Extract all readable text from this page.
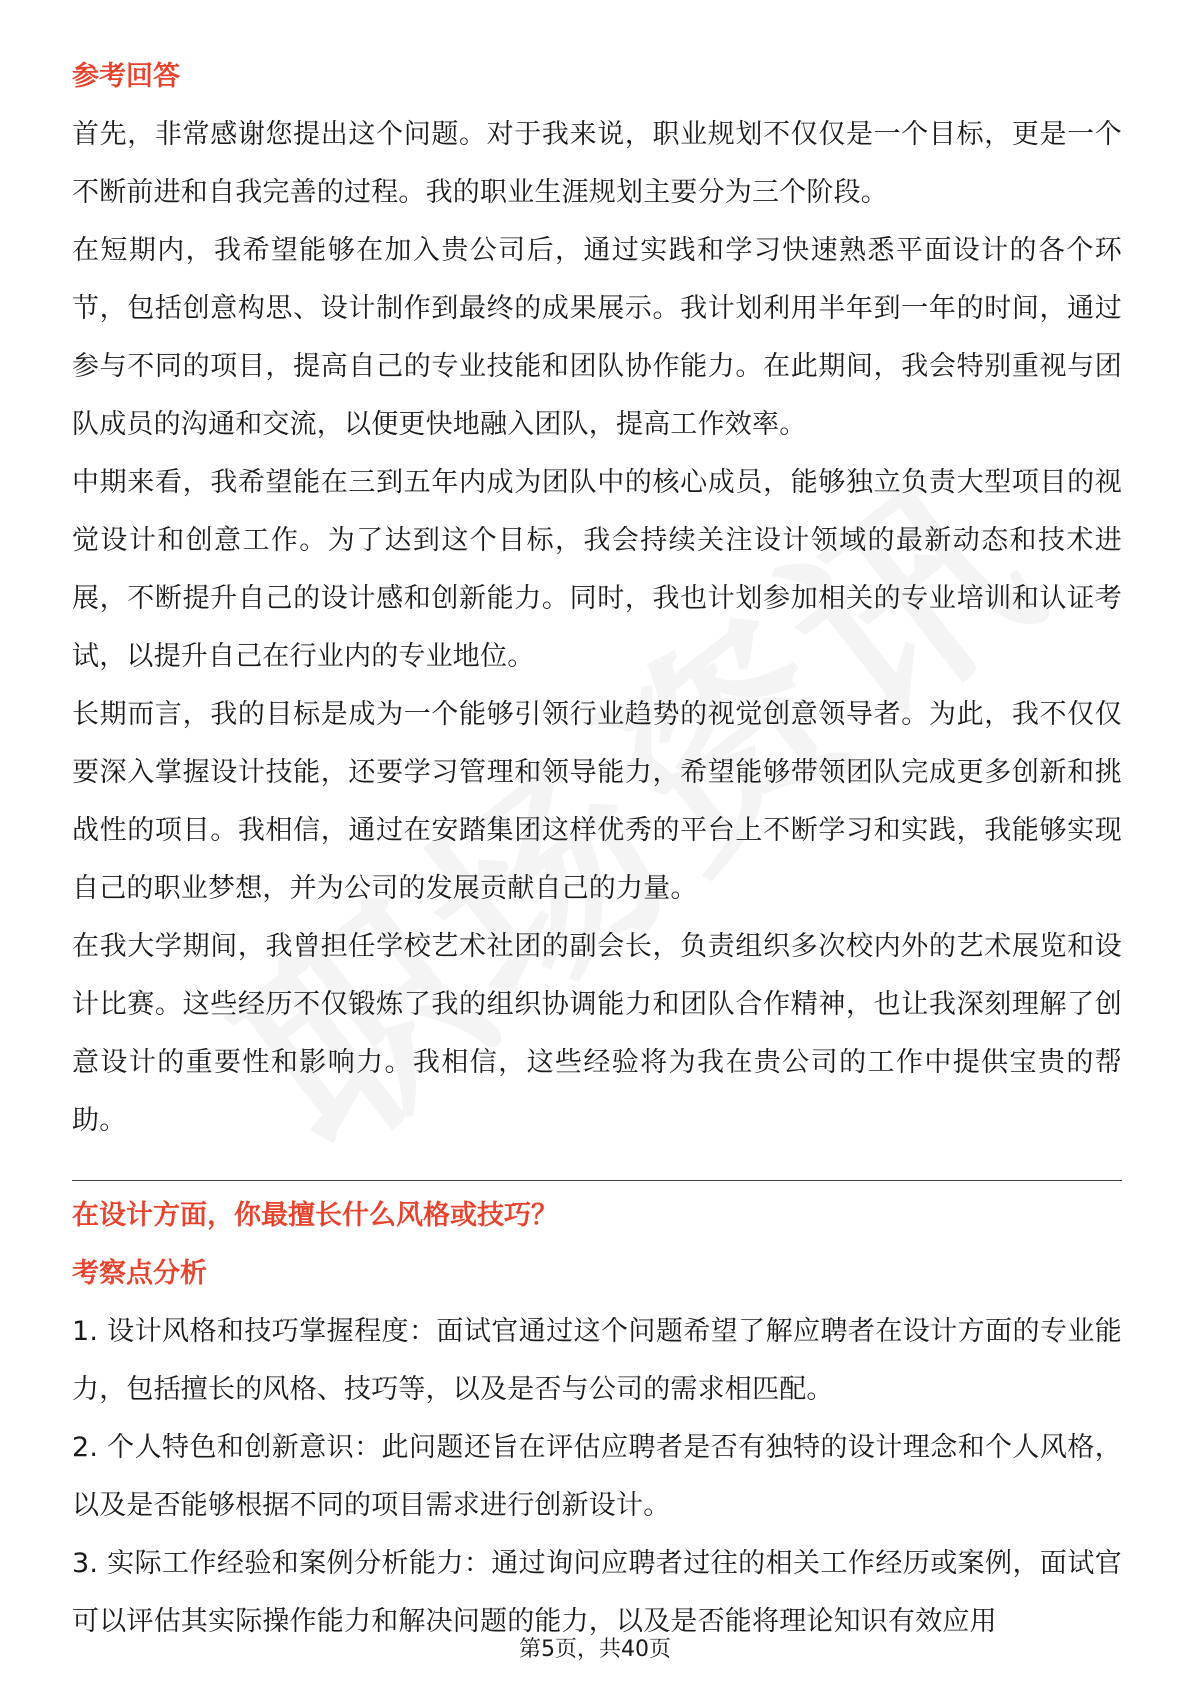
参考回答
首先，非常感谢您提出这个问题。对于我来说，职业规划不仅仅是一个目标，更是一个不断前进和自我完善的过程。我的职业生涯规划主要分为三个阶段。
在短期内，我希望能够在加入贵公司后，通过实践和学习快速熟悉平面设计的各个环节，包括创意构思、设计制作到最终的成果展示。我计划利用半年到一年的时间，通过参与不同的项目，提高自己的专业技能和团队协作能力。在此期间，我会特别重视与团队成员的沟通和交流，以便更快地融入团队，提高工作效率。
中期来看，我希望能在三到五年内成为团队中的核心成员，能够独立负责大型项目的视觉设计和创意工作。为了达到这个目标，我会持续关注设计领域的最新动态和技术进展，不断提升自己的设计感和创新能力。同时，我也计划参加相关的专业培训和认证考试，以提升自己在行业内的专业地位。
长期而言，我的目标是成为一个能够引领行业趋势的视觉创意领导者。为此，我不仅仅要深入掌握设计技能，还要学习管理和领导能力，希望能够带领团队完成更多创新和挑战性的项目。我相信，通过在安踏集团这样优秀的平台上不断学习和实践，我能够实现自己的职业梦想，并为公司的发展贡献自己的力量。
在我大学期间，我曾担任学校艺术社团的副会长，负责组织多次校内外的艺术展览和设计比赛。这些经历不仅锻炼了我的组织协调能力和团队合作精神，也让我深刻理解了创意设计的重要性和影响力。我相信，这些经验将为我在贵公司的工作中提供宝贵的帮助。
在设计方面，你最擅长什么风格或技巧？
考察点分析
1. 设计风格和技巧掌握程度：面试官通过这个问题希望了解应聘者在设计方面的专业能力，包括擅长的风格、技巧等，以及是否与公司的需求相匹配。
2. 个人特色和创新意识：此问题还旨在评估应聘者是否有独特的设计理念和个人风格，以及是否能够根据不同的项目需求进行创新设计。
3. 实际工作经验和案例分析能力：通过询问应聘者过往的相关工作经历或案例，面试官可以评估其实际操作能力和解决问题的能力，以及是否能将理论知识有效应用
第5页，共40页
